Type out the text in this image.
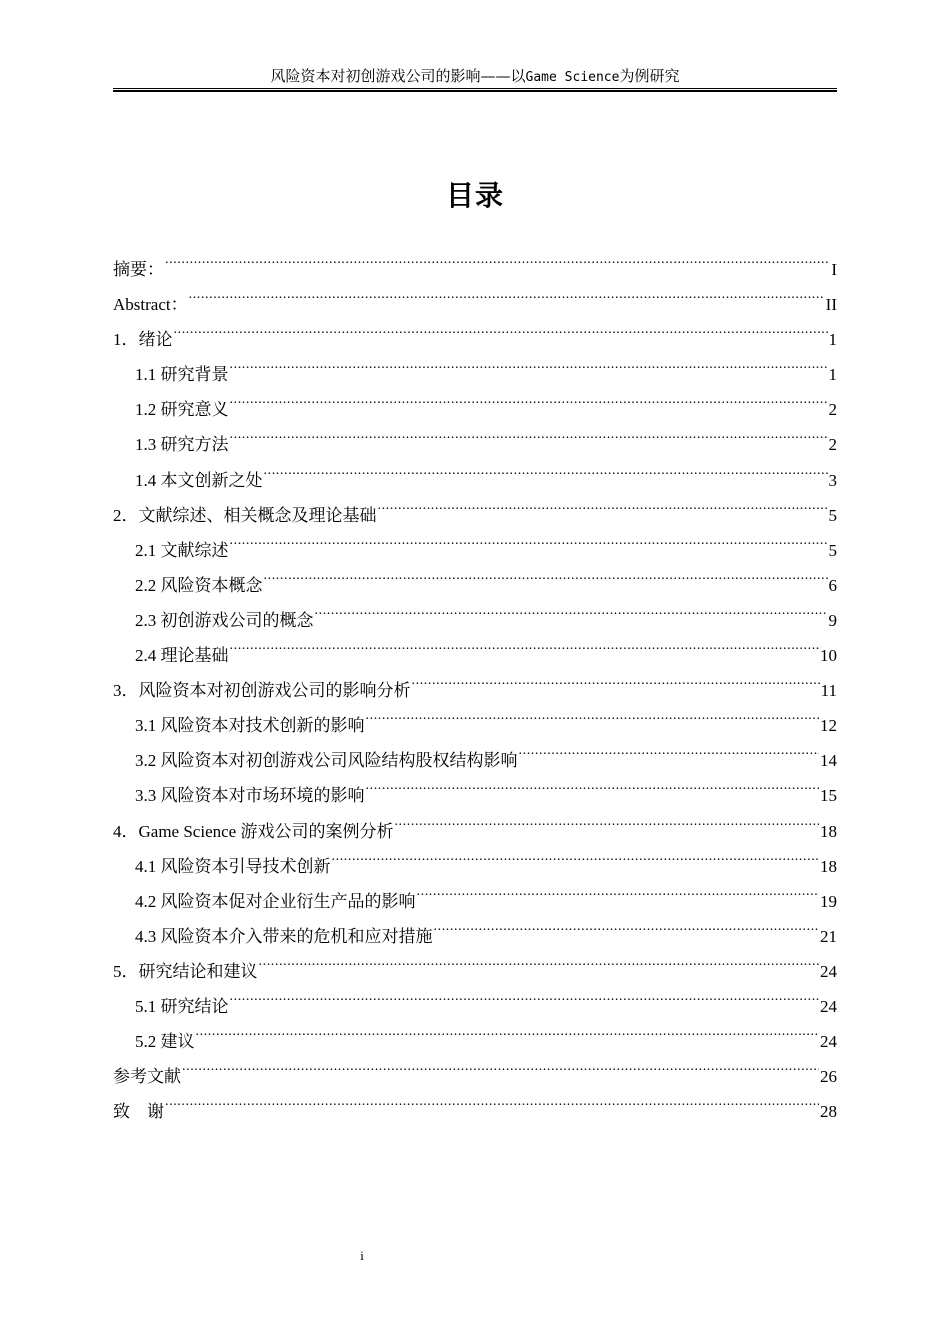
风险资本对初创游戏公司的影响——以Game Science为例研究
目录
摘要： .....	I
Abstract： .....	II
1．绪论 .....	1
1.1 研究背景 .....	1
1.2 研究意义 .....	2
1.3 研究方法 .....	2
1.4 本文创新之处 .....	3
2．文献综述、相关概念及理论基础 .....	5
2.1 文献综述 .....	5
2.2 风险资本概念 .....	6
2.3 初创游戏公司的概念 .....	9
2.4 理论基础 .....	10
3．风险资本对初创游戏公司的影响分析 .....	11
3.1 风险资本对技术创新的影响 .....	12
3.2 风险资本对初创游戏公司风险结构股权结构影响 .....	14
3.3 风险资本对市场环境的影响 .....	15
4．Game Science 游戏公司的案例分析 .....	18
4.1 风险资本引导技术创新 .....	18
4.2 风险资本促对企业衍生产品的影响 .....	19
4.3 风险资本介入带来的危机和应对措施 .....	21
5．研究结论和建议 .....	24
5.1 研究结论 .....	24
5.2 建议 .....	24
参考文献 .....	26
致　谢 .....	28
i
